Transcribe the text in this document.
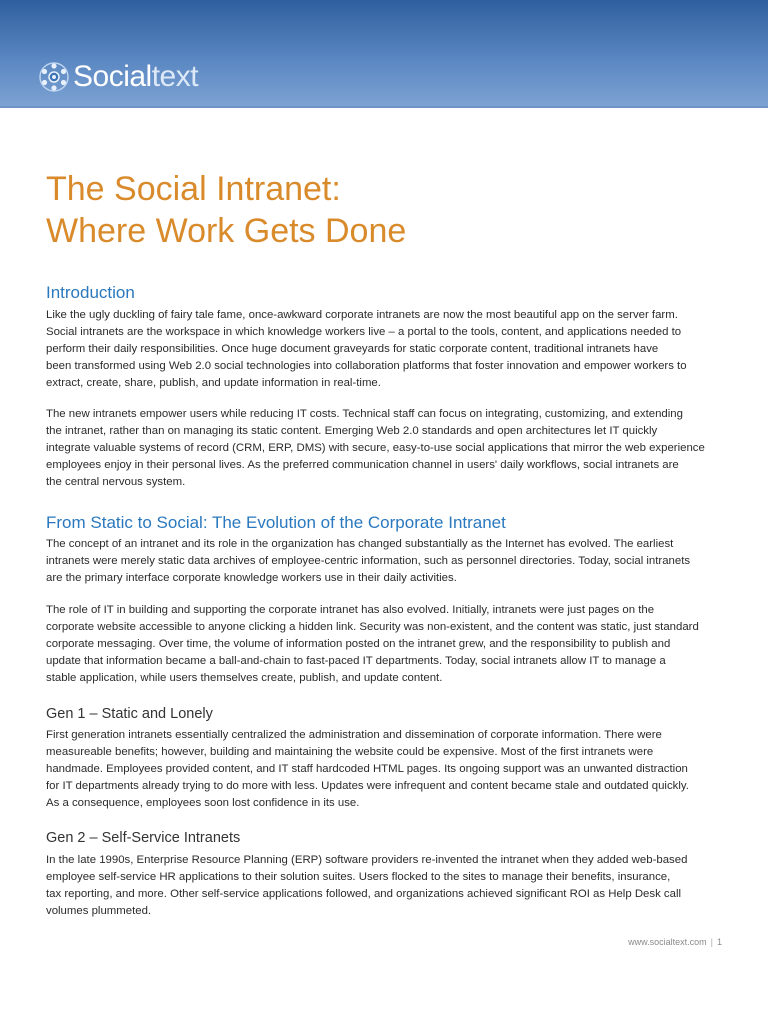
Socialtext
The Social Intranet:
Where Work Gets Done
Introduction

Like the ugly duckling of fairy tale fame, once-awkward corporate intranets are now the most beautiful app on the server farm.
Social intranets are the workspace in which knowledge workers live – a portal to the tools, content, and applications needed to
perform their daily responsibilities. Once huge document graveyards for static corporate content, traditional intranets have
been transformed using Web 2.0 social technologies into collaboration platforms that foster innovation and empower workers to
extract, create, share, publish, and update information in real-time.

The new intranets empower users while reducing IT costs. Technical staff can focus on integrating, customizing, and extending
the intranet, rather than on managing its static content. Emerging Web 2.0 standards and open architectures let IT quickly
integrate valuable systems of record (CRM, ERP, DMS) with secure, easy-to-use social applications that mirror the web experience
employees enjoy in their personal lives. As the preferred communication channel in users' daily workflows, social intranets are
the central nervous system.

From Static to Social: The Evolution of the Corporate Intranet

The concept of an intranet and its role in the organization has changed substantially as the Internet has evolved. The earliest
intranets were merely static data archives of employee-centric information, such as personnel directories. Today, social intranets
are the primary interface corporate knowledge workers use in their daily activities.

The role of IT in building and supporting the corporate intranet has also evolved. Initially, intranets were just pages on the
corporate website accessible to anyone clicking a hidden link. Security was non-existent, and the content was static, just standard
corporate messaging. Over time, the volume of information posted on the intranet grew, and the responsibility to publish and
update that information became a ball-and-chain to fast-paced IT departments. Today, social intranets allow IT to manage a
stable application, while users themselves create, publish, and update content.

Gen 1 – Static and Lonely

First generation intranets essentially centralized the administration and dissemination of corporate information. There were
measureable benefits; however, building and maintaining the website could be expensive. Most of the first intranets were
handmade. Employees provided content, and IT staff hardcoded HTML pages. Its ongoing support was an unwanted distraction
for IT departments already trying to do more with less. Updates were infrequent and content became stale and outdated quickly.
As a consequence, employees soon lost confidence in its use.

Gen 2 – Self-Service Intranets

In the late 1990s, Enterprise Resource Planning (ERP) software providers re-invented the intranet when they added web-based
employee self-service HR applications to their solution suites. Users flocked to the sites to manage their benefits, insurance,
tax reporting, and more. Other self-service applications followed, and organizations achieved significant ROI as Help Desk call
volumes plummeted.

www.socialtext.com | 1
